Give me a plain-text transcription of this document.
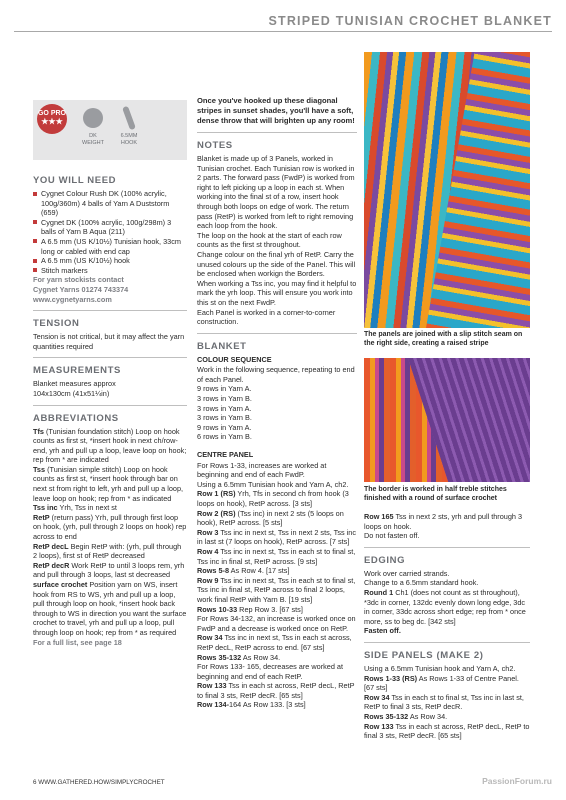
STRIPED TUNISIAN CROCHET BLANKET
GO PRO
★★★
DK
WEIGHT
6.5MM
HOOK
YOU WILL NEED
Cygnet Colour Rush DK (100% acrylic, 100g/360m) 4 balls of Yarn A Duststorm (659)
Cygnet DK (100% acrylic, 100g/298m) 3 balls of Yarn B Aqua (211)
A 6.5 mm (US K/10½) Tunisian hook, 33cm long or cabled with end cap
A 6.5 mm (US K/10½) hook
Stitch markers

For yarn stockists contact

Cygnet Yarns 01274 743374

www.cygnetyarns.com

TENSION

Tension is not critical, but it may affect the yarn quantities required

MEASUREMENTS

Blanket measures approx

104x130cm (41x51¼in)

ABBREVIATIONS

Tfs (Tunisian foundation stitch) Loop on hook counts as first st, *insert hook in next ch/row-end, yrh and pull up a loop, leave loop on hook; rep from * are indicated

Tss (Tunisian simple stitch) Loop on hook counts as first st, *insert hook through bar on next st from right to left, yrh and pull up a loop, leave loop on hook; rep from * as indicated

Tss inc Yrh, Tss in next st

RetP (return pass) Yrh, pull through first loop on hook, (yrh, pull through 2 loops on hook) rep across to end

RetP decL Begin RetP with: (yrh, pull through 2 loops), first st of RetP decreased

RetP decR Work RetP to until 3 loops rem, yrh and pull through 3 loops, last st decreased

surface crochet Position yarn on WS, insert hook from RS to WS, yrh and pull up a loop, pull through loop on hook, *insert hook back through to WS in direction you want the surface crochet to travel, yrh and pull up a loop, pull through loop on hook; rep from * as required

For a full list, see page 18

Once you've hooked up these diagonal stripes in sunset shades, you'll have a soft, dense throw that will brighten up any room!

NOTES

Blanket is made up of 3 Panels, worked in Tunisian crochet. Each Tunisian row is worked in 2 parts. The forward pass (FwdP) is worked from right to left picking up a loop in each st. When working into the final st of a row, insert hook through both loops on edge of work. The return pass (RetP) is worked from left to right removing each loop from the hook.

The loop on the hook at the start of each row counts as the first st throughout.

Change colour on the final yrh of RetP. Carry the unused colours up the side of the Panel. This will be enclosed when workign the Borders.

When working a Tss inc, you may find it helpful to mark the yrh loop. This will ensure you work into this st on the next FwdP.

Each Panel is worked in a corner-to-corner construction.

BLANKET
COLOUR SEQUENCE

Work in the following sequence, repeating to end of each Panel.

9 rows in Yarn A.

3 rows in Yarn B.

3 rows in Yarn A.

3 rows in Yarn B.

9 rows in Yarn A.

6 rows in Yarn B.

CENTRE PANEL

For Rows 1-33, increases are worked at beginning and end of each FwdP.

Using a 6.5mm Tunisian hook and Yarn A, ch2.

Row 1 (RS) Yrh, Tfs in second ch from hook (3 loops on hook), RetP across. [3 sts]

Row 2 (RS) (Tss inc) in next 2 sts (5 loops on hook), RetP across. [5 sts]

Row 3 Tss inc in next st, Tss in next 2 sts, Tss inc in last st (7 loops on hook), RetP across. [7 sts]

Row 4 Tss inc in next st, Tss in each st to final st, Tss inc in final st, RetP across. [9 sts]

Rows 5-8 As Row 4. [17 sts]

Row 9 Tss inc in next st, Tss in each st to final st, Tss inc in final st, RetP across to final 2 loops, work final RetP with Yarn B. [19 sts]

Rows 10-33 Rep Row 3. [67 sts]

For Rows 34-132, an increase is worked once on FwdP and a decrease is worked once on RetP.

Row 34 Tss inc in next st, Tss in each st across, RetP decL, RetP across to end. [67 sts]

Rows 35-132 As Row 34.

For Rows 133- 165, decreases are worked at beginning and end of each RetP.

Row 133 Tss in each st across, RetP decL, RetP to final 3 sts, RetP decR. [65 sts]

Row 134-164 As Row 133. [3 sts]

The panels are joined with a slip stitch seam on the right side, creating a raised stripe
The border is worked in half treble stitches finished with a round of surface crochet

Row 165 Tss in next 2 sts, yrh and pull through 3 loops on hook.

Do not fasten off.

EDGING

Work over carried strands.

Change to a 6.5mm standard hook.

Round 1 Ch1 (does not count as st throughout), *3dc in corner, 132dc evenly down long edge, 3dc in corner, 33dc across short edge; rep from * once more, ss to beg dc. [342 sts]

Fasten off.

SIDE PANELS (MAKE 2)

Using a 6.5mm Tunisian hook and Yarn A, ch2.

Rows 1-33 (RS) As Rows 1-33 of Centre Panel. [67 sts]

Row 34 Tss in each st to final st, Tss inc in last st, RetP to final 3 sts, RetP decR.

Rows 35-132 As Row 34.

Row 133 Tss in each st across, RetP decL, RetP to final 3 sts, RetP decR. [65 sts]

6 WWW.GATHERED.HOW/SIMPLYCROCHET	PassionForum.ru
